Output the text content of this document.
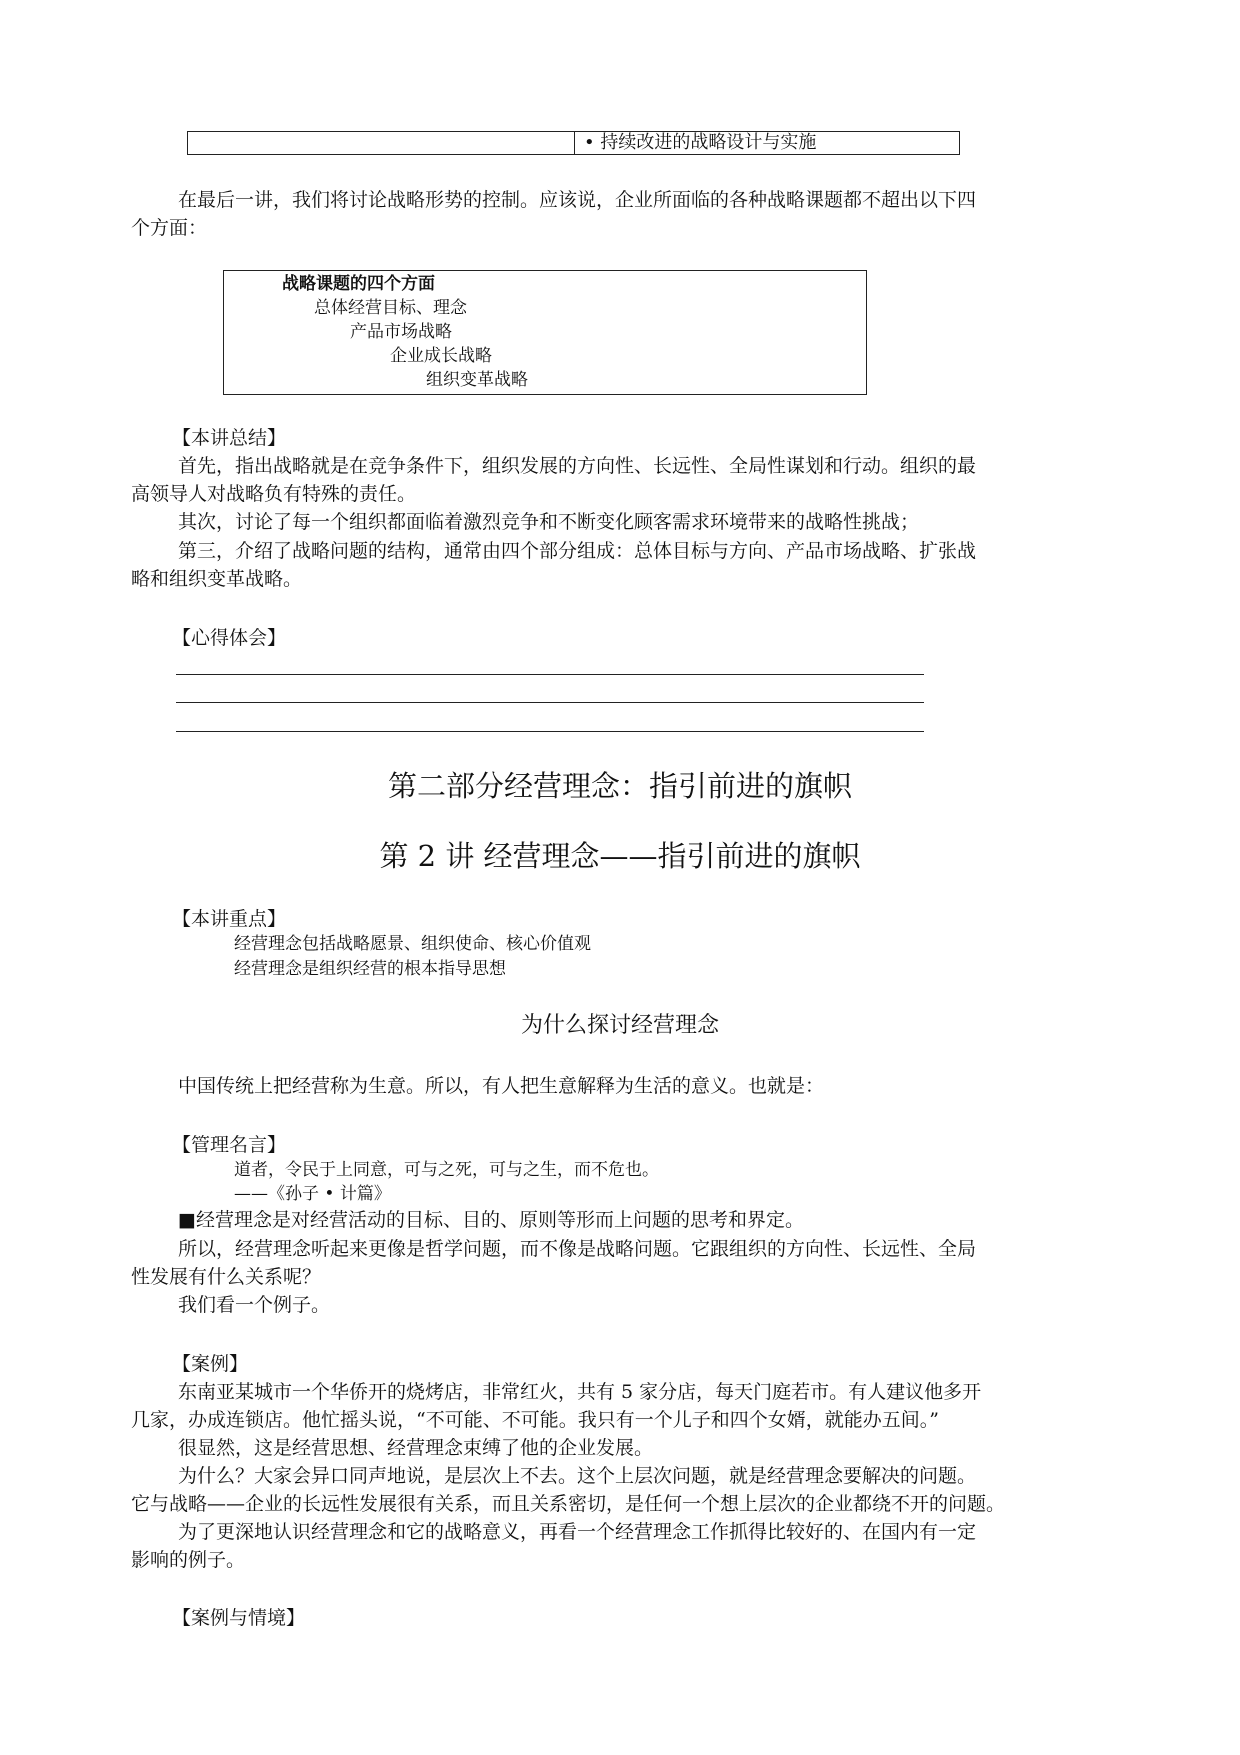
• 持续改进的战略设计与实施
在最后一讲，我们将讨论战略形势的控制。应该说，企业所面临的各种战略课题都不超出以下四
个方面：
战略课题的四个方面
总体经营目标、理念
产品市场战略
企业成长战略
组织变革战略
【本讲总结】
首先，指出战略就是在竞争条件下，组织发展的方向性、长远性、全局性谋划和行动。组织的最
高领导人对战略负有特殊的责任。
其次，讨论了每一个组织都面临着激烈竞争和不断变化顾客需求环境带来的战略性挑战；
第三，介绍了战略问题的结构，通常由四个部分组成：总体目标与方向、产品市场战略、扩张战
略和组织变革战略。
【心得体会】
第二部分经营理念：指引前进的旗帜
第 2 讲 经营理念——指引前进的旗帜
【本讲重点】
经营理念包括战略愿景、组织使命、核心价值观
经营理念是组织经营的根本指导思想
为什么探讨经营理念
中国传统上把经营称为生意。所以，有人把生意解释为生活的意义。也就是：
【管理名言】
道者，令民于上同意，可与之死，可与之生，而不危也。
——《孙子 • 计篇》
■经营理念是对经营活动的目标、目的、原则等形而上问题的思考和界定。
所以，经营理念听起来更像是哲学问题，而不像是战略问题。它跟组织的方向性、长远性、全局
性发展有什么关系呢？
我们看一个例子。
【案例】
东南亚某城市一个华侨开的烧烤店，非常红火，共有 5 家分店，每天门庭若市。有人建议他多开
几家，办成连锁店。他忙摇头说，“不可能、不可能。我只有一个儿子和四个女婿，就能办五间。”
很显然，这是经营思想、经营理念束缚了他的企业发展。
为什么？大家会异口同声地说，是层次上不去。这个上层次问题，就是经营理念要解决的问题。
它与战略——企业的长远性发展很有关系，而且关系密切，是任何一个想上层次的企业都绕不开的问题。
为了更深地认识经营理念和它的战略意义，再看一个经营理念工作抓得比较好的、在国内有一定
影响的例子。
【案例与情境】
